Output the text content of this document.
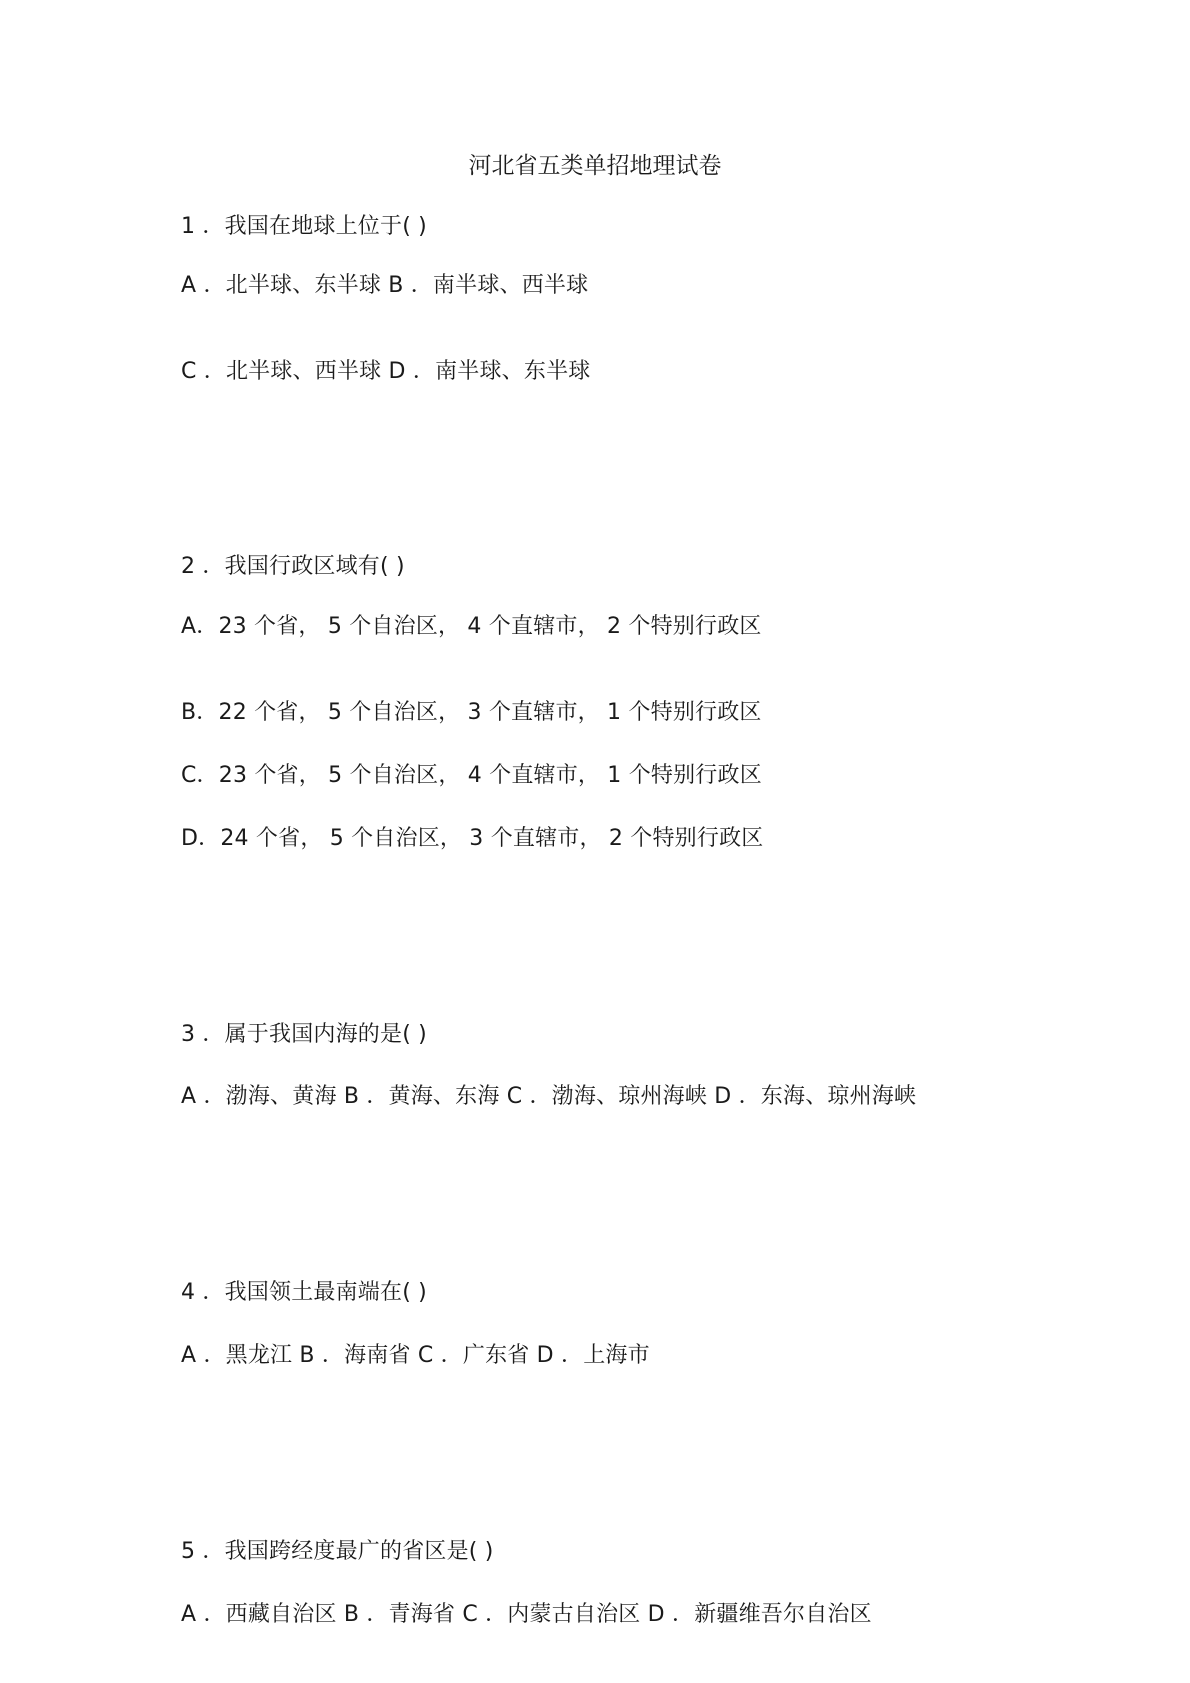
河北省五类单招地理试卷
1 ．我国在地球上位于( )
A ．北半球、东半球 B ．南半球、西半球
C ．北半球、西半球 D ．南半球、东半球
2 ．我国行政区域有( )
A．23 个省， 5 个自治区， 4 个直辖市， 2 个特别行政区
B．22 个省， 5 个自治区， 3 个直辖市， 1 个特别行政区
C．23 个省， 5 个自治区， 4 个直辖市， 1 个特别行政区
D．24 个省， 5 个自治区， 3 个直辖市， 2 个特别行政区
3 ．属于我国内海的是( )
A ．渤海、黄海 B ．黄海、东海 C ．渤海、琼州海峡 D ．东海、琼州海峡
4 ．我国领土最南端在( )
A ．黑龙江 B ．海南省 C ．广东省 D ．上海市
5 ．我国跨经度最广的省区是( )
A ．西藏自治区 B ．青海省 C ．内蒙古自治区 D ．新疆维吾尔自治区
